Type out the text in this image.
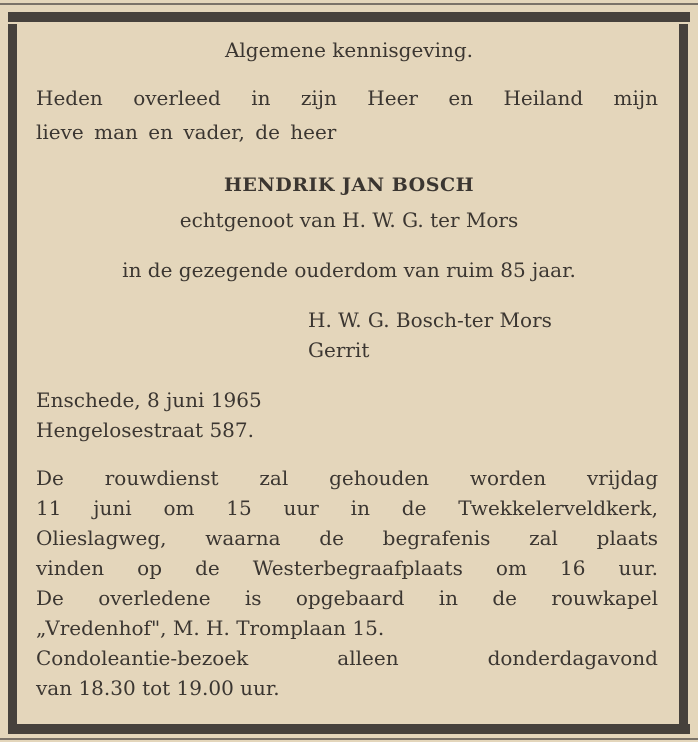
Algemene kennisgeving.
Heden overleed in zijn Heer en Heiland mijn
lieve man en vader, de heer
HENDRIK JAN BOSCH
echtgenoot van H. W. G. ter Mors
in de gezegende ouderdom van ruim 85 jaar.
H. W. G. Bosch-ter Mors
Gerrit
Enschede, 8 juni 1965
Hengelosestraat 587.
De rouwdienst zal gehouden worden vrijdag
11 juni om 15 uur in de Twekkelerveldkerk,
Olieslagweg, waarna de begrafenis zal plaats
vinden op de Westerbegraafplaats om 16 uur.
De overledene is opgebaard in de rouwkapel
„Vredenhof", M. H. Tromplaan 15.
Condoleantie-bezoek alleen donderdagavond
van 18.30 tot 19.00 uur.
